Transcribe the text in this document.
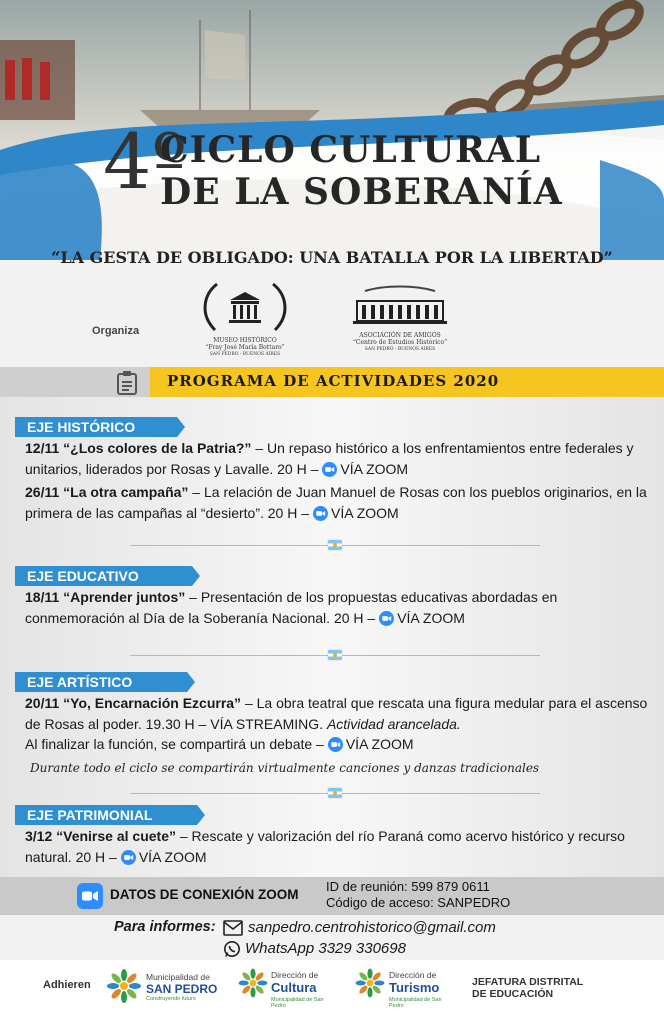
4º
CICLO CULTURAL
DE LA SOBERANÍA
“LA GESTA DE OBLIGADO: UNA BATALLA POR LA LIBERTAD”
Organiza
MUSEO HISTÓRICO
“Fray José María Bottaro”
SAN PEDRO - BUENOS AIRES
ASOCIACIÓN DE AMIGOS
“Centro de Estudios Histórico”
SAN PEDRO - BUENOS AIRES
PROGRAMA DE ACTIVIDADES 2020
EJE HISTÓRICO
12/11 “¿Los colores de la Patria?” – Un repaso histórico a los enfrentamientos entre federales y unitarios, liderados por Rosas y Lavalle. 20 H – VÍA ZOOM
26/11 “La otra campaña” – La relación de Juan Manuel de Rosas con los pueblos originarios, en la primera de las campañas al “desierto”. 20 H – VÍA ZOOM
EJE EDUCATIVO
18/11 “Aprender juntos” – Presentación de los propuestas educativas abordadas en conmemoración al Día de la Soberanía Nacional. 20 H – VÍA ZOOM
EJE ARTÍSTICO
20/11 “Yo, Encarnación Ezcurra” – La obra teatral que rescata una figura medular para el ascenso de Rosas al poder. 19.30 H – VÍA STREAMING. Actividad arancelada.
Al finalizar la función, se compartirá un debate – VÍA ZOOM
Durante todo el ciclo se compartirán virtualmente canciones y danzas tradicionales
EJE PATRIMONIAL
3/12 “Venirse al cuete” – Rescate y valorización del río Paraná como acervo histórico y recurso natural. 20 H – VÍA ZOOM
DATOS DE CONEXIÓN ZOOM
ID de reunión: 599 879 0611
Código de acceso: SANPEDRO
Para informes: sanpedro.centrohistorico@gmail.com
WhatsApp 3329 330698
Adhieren
Municipalidad de
SAN PEDRO
Construyendo futuro
Dirección de
Cultura
Municipalidad de San Pedro
Dirección de
Turismo
Municipalidad de San Pedro
JEFATURA DISTRITAL
DE EDUCACIÓN
